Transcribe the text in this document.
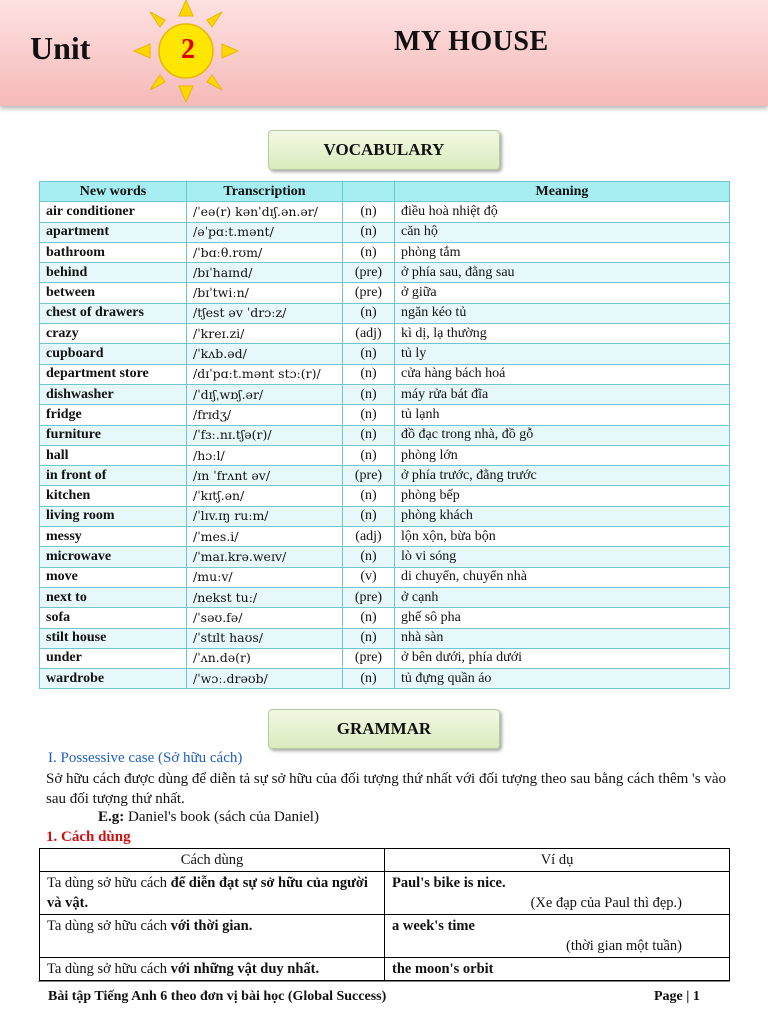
Unit	2	MY HOUSE
VOCABULARY
New words	Transcription		Meaning
air conditioner	/ˈeə(r) kənˈdɪʃ.ən.ər/	(n)	điều hoà nhiệt độ
apartment	/əˈpɑːt.mənt/	(n)	căn hộ
bathroom	/ˈbɑːθ.rʊm/	(n)	phòng tắm
behind	/bɪˈhaɪnd/	(pre)	ở phía sau, đằng sau
between	/bɪˈtwiːn/	(pre)	ở giữa
chest of drawers	/tʃest əv ˈdrɔːz/	(n)	ngăn kéo tủ
crazy	/ˈkreɪ.zi/	(adj)	kì dị, lạ thường
cupboard	/ˈkʌb.əd/	(n)	tủ ly
department store	/dɪˈpɑːt.mənt stɔː(r)/	(n)	cửa hàng bách hoá
dishwasher	/ˈdɪʃˌwɒʃ.ər/	(n)	máy rửa bát đĩa
fridge	/frɪdʒ/	(n)	tủ lạnh
furniture	/ˈfɜː.nɪ.tʃə(r)/	(n)	đồ đạc trong nhà, đồ gỗ
hall	/hɔːl/	(n)	phòng lớn
in front of	/ɪn ˈfrʌnt əv/	(pre)	ở phía trước, đằng trước
kitchen	/ˈkɪtʃ.ən/	(n)	phòng bếp
living room	/ˈlɪv.ɪŋ ruːm/	(n)	phòng khách
messy	/ˈmes.i/	(adj)	lộn xộn, bừa bộn
microwave	/ˈmaɪ.krə.weɪv/	(n)	lò vi sóng
move	/muːv/	(v)	di chuyển, chuyển nhà
next to	/nekst tuː/	(pre)	ở cạnh
sofa	/ˈsəʊ.fə/	(n)	ghế sô pha
stilt house	/ˈstɪlt haʊs/	(n)	nhà sàn
under	/ˈʌn.də(r)	(pre)	ở bên dưới, phía dưới
wardrobe	/ˈwɔː.drəʊb/	(n)	tủ đựng quần áo
GRAMMAR
I. Possessive case (Sở hữu cách)
Sở hữu cách được dùng để diễn tả sự sở hữu của đối tượng thứ nhất với đối tượng theo sau bằng cách thêm 's vào sau đối tượng thứ nhất.
E.g: Daniel's book (sách của Daniel)
1. Cách dùng
Cách dùng	Ví dụ
Ta dùng sở hữu cách để diễn đạt sự sở hữu của người và vật.	Paul's bike is nice.
(Xe đạp của Paul thì đẹp.)

Ta dùng sở hữu cách với thời gian.	a week's time
(thời gian một tuần)

Ta dùng sở hữu cách với những vật duy nhất.	the moon's orbit
Bài tập Tiếng Anh 6 theo đơn vị bài học (Global Success)	Page | 1
